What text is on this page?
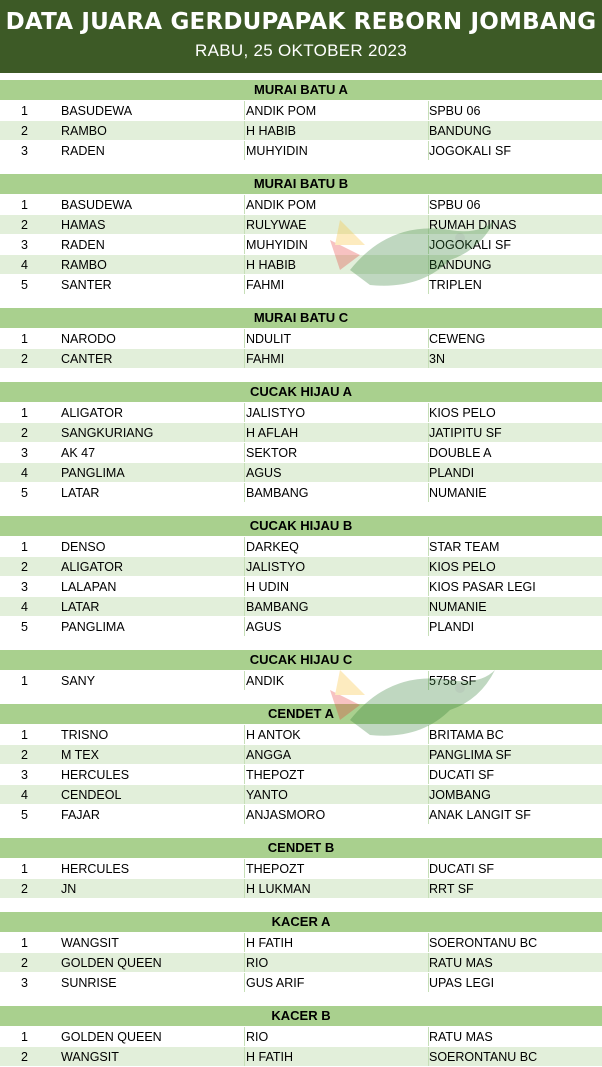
DATA JUARA GERDUPAPAK REBORN JOMBANG
RABU, 25 OKTOBER 2023
MURAI BATU A
1	BASUDEWA	ANDIK POM	SPBU 06
2	RAMBO	H HABIB	BANDUNG
3	RADEN	MUHYIDIN	JOGOKALI SF
MURAI BATU B
1	BASUDEWA	ANDIK POM	SPBU 06
2	HAMAS	RULYWAE	RUMAH DINAS
3	RADEN	MUHYIDIN	JOGOKALI SF
4	RAMBO	H HABIB	BANDUNG
5	SANTER	FAHMI	TRIPLEN
MURAI BATU C
1	NARODO	NDULIT	CEWENG
2	CANTER	FAHMI	3N
CUCAK HIJAU A
1	ALIGATOR	JALISTYO	KIOS PELO
2	SANGKURIANG	H AFLAH	JATIPITU SF
3	AK 47	SEKTOR	DOUBLE A
4	PANGLIMA	AGUS	PLANDI
5	LATAR	BAMBANG	NUMANIE
CUCAK HIJAU B
1	DENSO	DARKEQ	STAR TEAM
2	ALIGATOR	JALISTYO	KIOS PELO
3	LALAPAN	H UDIN	KIOS PASAR LEGI
4	LATAR	BAMBANG	NUMANIE
5	PANGLIMA	AGUS	PLANDI
CUCAK HIJAU C
1	SANY	ANDIK	5758 SF
CENDET A
1	TRISNO	H ANTOK	BRITAMA BC
2	M TEX	ANGGA	PANGLIMA SF
3	HERCULES	THEPOZT	DUCATI SF
4	CENDEOL	YANTO	JOMBANG
5	FAJAR	ANJASMORO	ANAK LANGIT SF
CENDET B
1	HERCULES	THEPOZT	DUCATI SF
2	JN	H LUKMAN	RRT SF
KACER A
1	WANGSIT	H FATIH	SOERONTANU BC
2	GOLDEN QUEEN	RIO	RATU MAS
3	SUNRISE	GUS ARIF	UPAS LEGI
KACER B
1	GOLDEN QUEEN	RIO	RATU MAS
2	WANGSIT	H FATIH	SOERONTANU BC
